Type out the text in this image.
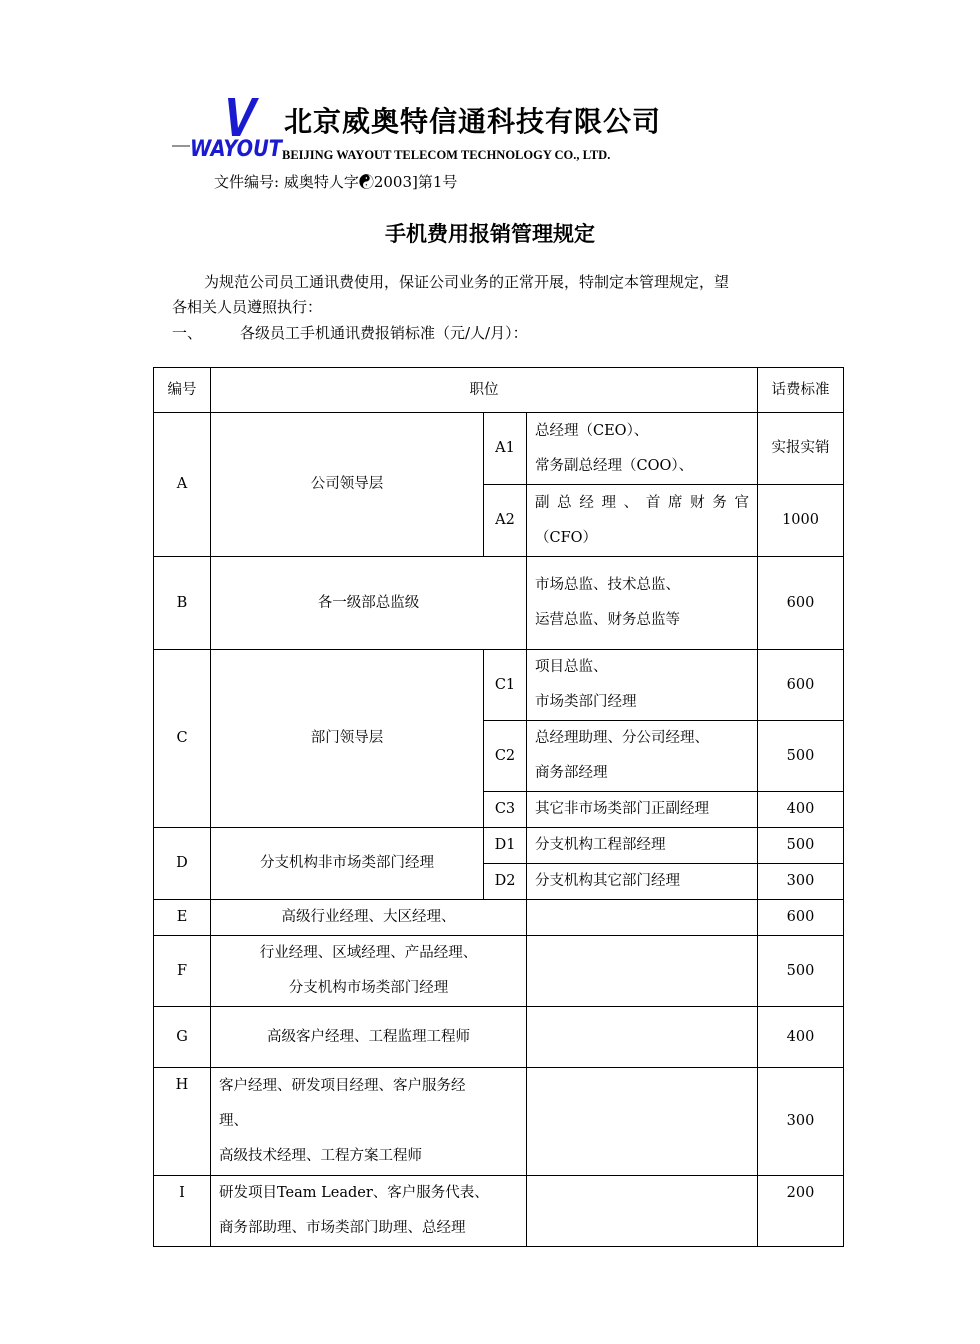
WAYOUT
北京威奥特信通科技有限公司
BEIJING WAYOUT TELECOM TECHNOLOGY CO., LTD.
文件编号: 威奥特人字☯2003]第1号
手机费用报销管理规定
为规范公司员工通讯费使用，保证公司业务的正常开展，特制定本管理规定，望
各相关人员遵照执行：
一、	各级员工手机通讯费报销标准（元/人/月）：
编号	职位			话费标准
A	公司领导层	A1	总经理（CEO）、
常务副总经理（COO）、	实报实销
		A2	副总经理、首席财务官
（CFO）	1000
B	各一级部总监级		市场总监、技术总监、
运营总监、财务总监等	600
C	部门领导层	C1	项目总监、
市场类部门经理	600
		C2	总经理助理、分公司经理、
商务部经理	500
		C3	其它非市场类部门正副经理	400
D	分支机构非市场类部门经理	D1	分支机构工程部经理	500
		D2	分支机构其它部门经理	300
E	高级行业经理、大区经理、			600
F	行业经理、区域经理、产品经理、
分支机构市场类部门经理			500
G	高级客户经理、工程监理工程师			400
H	客户经理、研发项目经理、客户服务经
理、
高级技术经理、工程方案工程师			300
I	研发项目Team Leader、客户服务代表、
商务部助理、市场类部门助理、总经理			200
